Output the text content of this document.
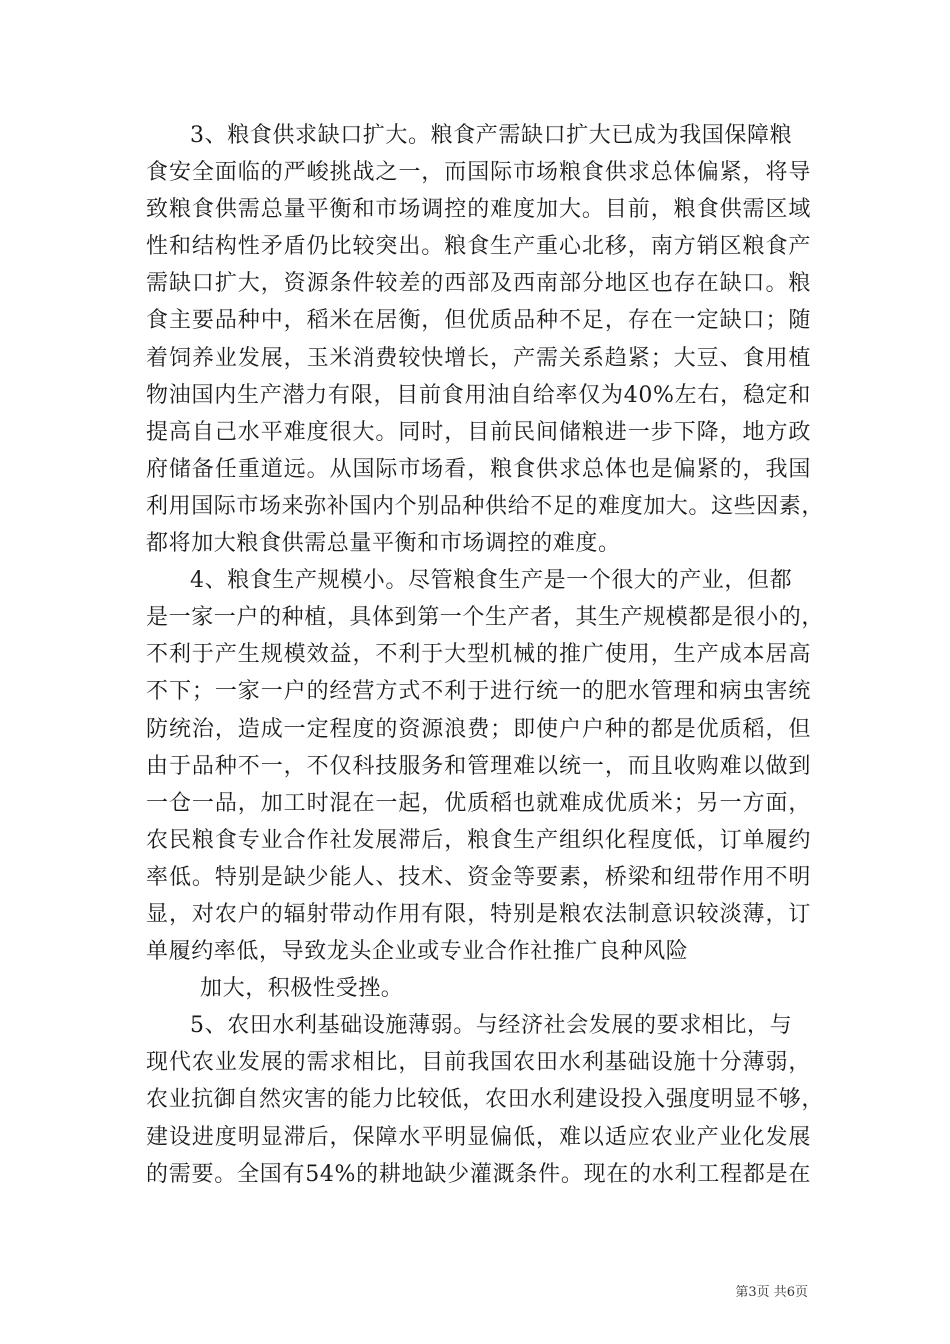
3、粮食供求缺口扩大。粮食产需缺口扩大已成为我国保障粮
食安全面临的严峻挑战之一，而国际市场粮食供求总体偏紧，将导
致粮食供需总量平衡和市场调控的难度加大。目前，粮食供需区域
性和结构性矛盾仍比较突出。粮食生产重心北移，南方销区粮食产
需缺口扩大，资源条件较差的西部及西南部分地区也存在缺口。粮
食主要品种中，稻米在居衡，但优质品种不足，存在一定缺口；随
着饲养业发展，玉米消费较快增长，产需关系趋紧；大豆、食用植
物油国内生产潜力有限，目前食用油自给率仅为40%左右，稳定和
提高自己水平难度很大。同时，目前民间储粮进一步下降，地方政
府储备任重道远。从国际市场看，粮食供求总体也是偏紧的，我国
利用国际市场来弥补国内个别品种供给不足的难度加大。这些因素，
都将加大粮食供需总量平衡和市场调控的难度。
4、粮食生产规模小。尽管粮食生产是一个很大的产业，但都
是一家一户的种植，具体到第一个生产者，其生产规模都是很小的，
不利于产生规模效益，不利于大型机械的推广使用，生产成本居高
不下；一家一户的经营方式不利于进行统一的肥水管理和病虫害统
防统治，造成一定程度的资源浪费；即使户户种的都是优质稻，但
由于品种不一，不仅科技服务和管理难以统一，而且收购难以做到
一仓一品，加工时混在一起，优质稻也就难成优质米；另一方面，
农民粮食专业合作社发展滞后，粮食生产组织化程度低，订单履约
率低。特别是缺少能人、技术、资金等要素，桥梁和纽带作用不明
显，对农户的辐射带动作用有限，特别是粮农法制意识较淡薄，订
单履约率低，导致龙头企业或专业合作社推广良种风险
加大，积极性受挫。
5、农田水利基础设施薄弱。与经济社会发展的要求相比，与
现代农业发展的需求相比，目前我国农田水利基础设施十分薄弱，
农业抗御自然灾害的能力比较低，农田水利建设投入强度明显不够，
建设进度明显滞后，保障水平明显偏低，难以适应农业产业化发展
的需要。全国有54%的耕地缺少灌溉条件。现在的水利工程都是在
第3页 共6页
